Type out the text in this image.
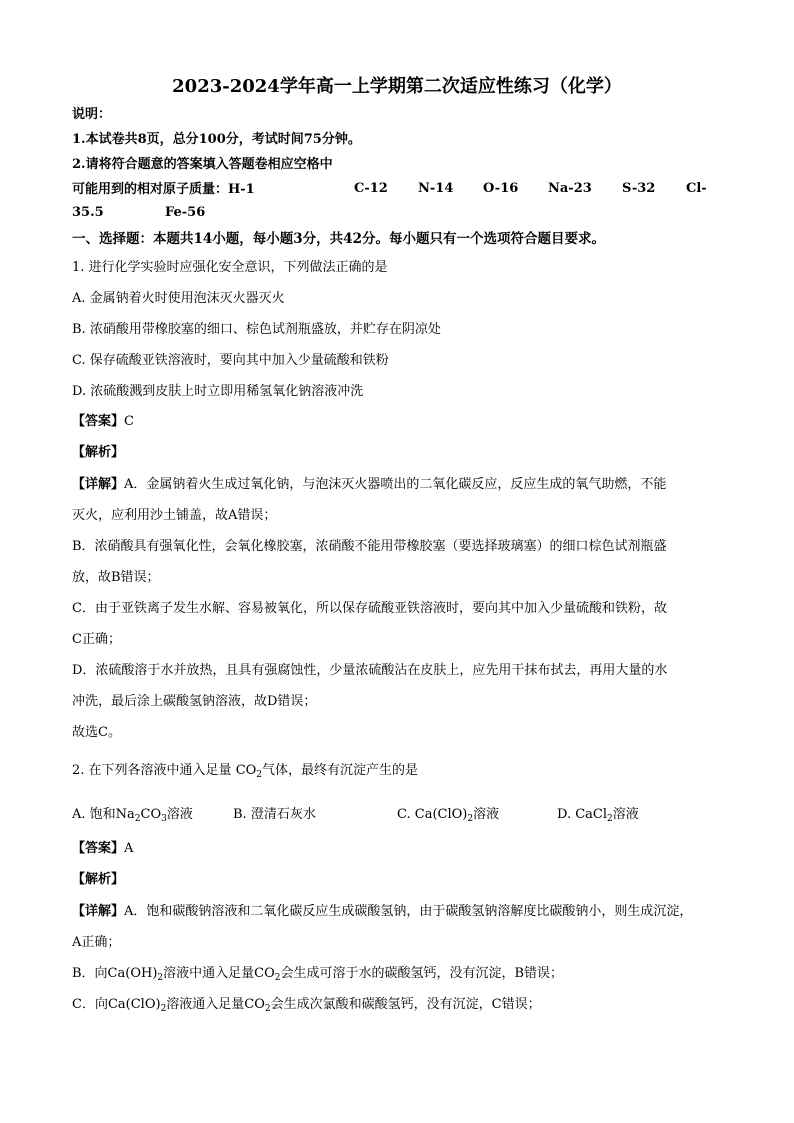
2023-2024学年高一上学期第二次适应性练习（化学）
说明：
1.本试卷共8页，总分100分，考试时间75分钟。
2.请将符合题意的答案填入答题卷相应空格中
可能用到的相对原子质量：H-1	C-12 N-14 O-16 Na-23 S-32 Cl-
35.5	Fe-56
一、选择题：本题共14小题，每小题3分，共42分。每小题只有一个选项符合题目要求。
1. 进行化学实验时应强化安全意识，下列做法正确的是
A. 金属钠着火时使用泡沫灭火器灭火
B. 浓硝酸用带橡胶塞的细口、棕色试剂瓶盛放，并贮存在阴凉处
C. 保存硫酸亚铁溶液时，要向其中加入少量硫酸和铁粉
D. 浓硫酸溅到皮肤上时立即用稀氢氧化钠溶液冲洗
【答案】C
【解析】
【详解】A．金属钠着火生成过氧化钠，与泡沫灭火器喷出的二氧化碳反应，反应生成的氧气助燃，不能
灭火，应利用沙土铺盖，故A错误；
B．浓硝酸具有强氧化性，会氧化橡胶塞，浓硝酸不能用带橡胶塞（要选择玻璃塞）的细口棕色试剂瓶盛
放，故B错误；
C．由于亚铁离子发生水解、容易被氧化，所以保存硫酸亚铁溶液时，要向其中加入少量硫酸和铁粉，故
C正确；
D．浓硫酸溶于水并放热，且具有强腐蚀性，少量浓硫酸沾在皮肤上，应先用干抹布拭去，再用大量的水
冲洗，最后涂上碳酸氢钠溶液，故D错误；
故选C。
2. 在下列各溶液中通入足量 $CO_2$气体，最终有沉淀产生的是
A. 饱和$Na_2CO_3$溶液	B. 澄清石灰水	C. $Ca(ClO)_2$溶液	D. CaCl$_2$溶液
【答案】A
【解析】
【详解】A．饱和碳酸钠溶液和二氧化碳反应生成碳酸氢钠，由于碳酸氢钠溶解度比碳酸钠小，则生成沉淀，
A正确；
B．向$Ca(OH)_2$溶液中通入足量$CO_2$会生成可溶于水的碳酸氢钙，没有沉淀，B错误；
C．向$Ca(ClO)_2$溶液通入足量$CO_2$会生成次氯酸和碳酸氢钙，没有沉淀，C错误；
